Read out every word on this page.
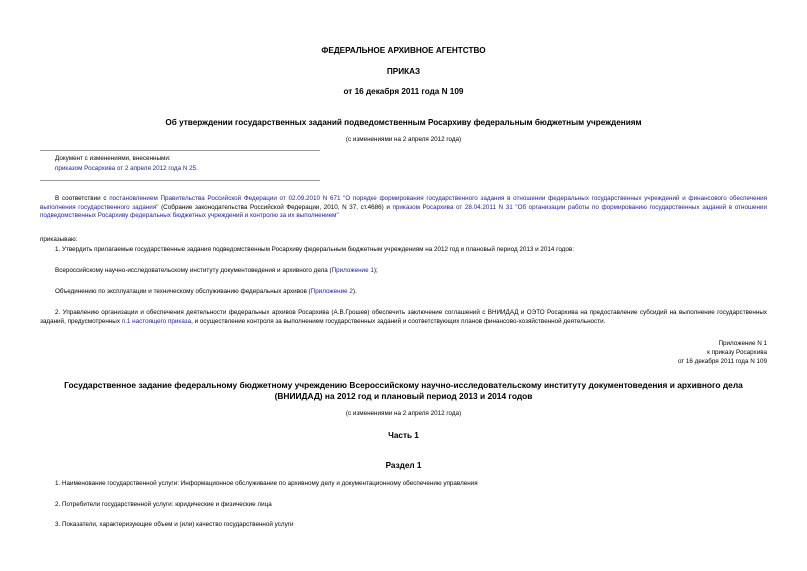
ФЕДЕРАЛЬНОЕ АРХИВНОЕ АГЕНТСТВО
ПРИКАЗ
от 16 декабря 2011 года N 109
Об утверждении государственных заданий подведомственным Росархиву федеральным бюджетным учреждениям
(с изменениями на 2 апреля 2012 года)
Документ с изменениями, внесенными:
приказом Росархива от 2 апреля 2012 года N 25.
В соответствии с постановлением Правительства Российской Федерации от 02.09.2010 N 671 "О порядке формирования государственного задания в отношении федеральных государственных учреждений и финансового обеспечения выполнения государственного задания" (Собрание законодательства Российской Федерации, 2010, N 37, ст.4686) и приказом Росархива от 28.04.2011 N 31 "Об организации работы по формированию государственных заданий в отношении подведомственных Росархиву федеральных бюджетных учреждений и контролю за их выполнением"
приказываю:
1. Утвердить прилагаемые государственные задания подведомственным Росархиву федеральным бюджетным учреждениям на 2012 год и плановый период 2013 и 2014 годов:
Всероссийскому научно-исследовательскому институту документоведения и архивного дела (Приложение 1);
Объединению по эксплуатации и техническому обслуживанию федеральных архивов (Приложение 2).
2. Управлению организации и обеспечения деятельности федеральных архивов Росархива (А.В.Грошев) обеспечить заключение соглашений с ВНИИДАД и ОЭТО Росархива на предоставление субсидий на выполнение государственных заданий, предусмотренных п.1 настоящего приказа, и осуществление контроля за выполнением государственных заданий и соответствующих планов финансово-хозяйственной деятельности.
Приложение N 1
к приказу Росархива
от 16 декабря 2011 года N 109
Государственное задание федеральному бюджетному учреждению Всероссийскому научно-исследовательскому институту документоведения и архивного дела (ВНИИДАД) на 2012 год и плановый период 2013 и 2014 годов
(с изменениями на 2 апреля 2012 года)
Часть 1
Раздел 1
1. Наименование государственной услуги: Информационное обслуживание по архивному делу и документационному обеспечению управления
2. Потребители государственной услуги: юридические и физические лица
3. Показатели, характеризующие объем и (или) качество государственной услуги
